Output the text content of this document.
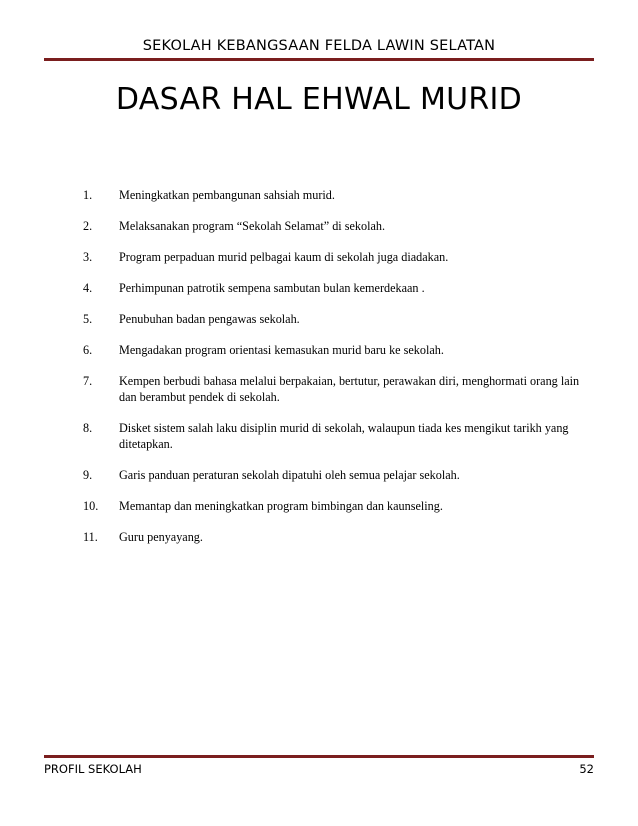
SEKOLAH KEBANGSAAN FELDA LAWIN SELATAN
DASAR HAL EHWAL MURID
1. Meningkatkan pembangunan sahsiah murid.
2. Melaksanakan program “Sekolah Selamat” di sekolah.
3. Program perpaduan murid pelbagai kaum di sekolah juga diadakan.
4. Perhimpunan patrotik sempena sambutan bulan kemerdekaan .
5. Penubuhan badan pengawas sekolah.
6. Mengadakan program orientasi kemasukan murid baru ke sekolah.
7. Kempen berbudi bahasa melalui berpakaian, bertutur, perawakan diri, menghormati orang lain dan berambut pendek di sekolah.
8. Disket sistem salah laku disiplin murid di sekolah, walaupun tiada kes mengikut tarikh yang ditetapkan.
9. Garis panduan peraturan sekolah dipatuhi oleh semua pelajar sekolah.
10. Memantap dan meningkatkan program bimbingan dan kaunseling.
11. Guru penyayang.
PROFIL SEKOLAH	52
